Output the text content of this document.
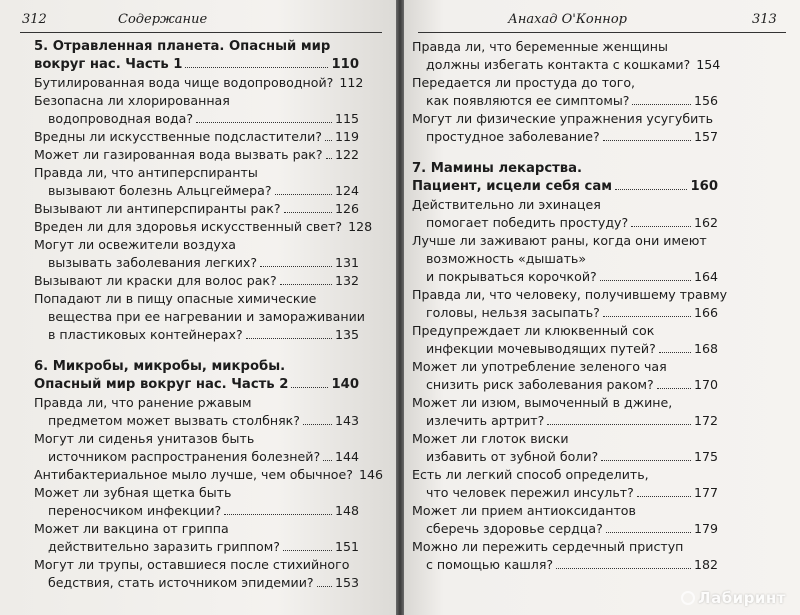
312	Содержание
5. Отравленная планета. Опасный мир
вокруг нас. Часть 1	110
Бутилированная вода чище водопроводной? 112
Безопасна ли хлорированная
водопроводная вода?	115
Вредны ли искусственные подсластители? 119
Может ли газированная вода вызвать рак? 122
Правда ли, что антиперспиранты
вызывают болезнь Альцгеймера?	124
Вызывают ли антиперспиранты рак?	126
Вреден ли для здоровья искусственный свет? 128
Могут ли освежители воздуха
вызывать заболевания легких?	131
Вызывают ли краски для волос рак?	132
Попадают ли в пищу опасные химические
вещества при ее нагревании и замораживании
в пластиковых контейнерах?	135
6. Микробы, микробы, микробы.
Опасный мир вокруг нас. Часть 2	140
Правда ли, что ранение ржавым
предметом может вызвать столбняк?	143
Могут ли сиденья унитазов быть
источником распространения болезней? 144
Антибактериальное мыло лучше, чем обычное? 146
Может ли зубная щетка быть
переносчиком инфекции?	148
Может ли вакцина от гриппа
действительно заразить гриппом?	151
Могут ли трупы, оставшиеся после стихийного
бедствия, стать источником эпидемии? 153
Анахад О'Коннор	313
Правда ли, что беременные женщины
должны избегать контакта с кошками? 154
Передается ли простуда до того,
как появляются ее симптомы?	156
Могут ли физические упражнения усугубить
простудное заболевание?	157
7. Мамины лекарства.
Пациент, исцели себя сам	160
Действительно ли эхинацея
помогает победить простуду?	162
Лучше ли заживают раны, когда они имеют
возможность «дышать»
и покрываться корочкой?	164
Правда ли, что человеку, получившему травму
головы, нельзя засыпать?	166
Предупреждает ли клюквенный сок
инфекции мочевыводящих путей?	168
Может ли употребление зеленого чая
снизить риск заболевания раком?	170
Может ли изюм, вымоченный в джине,
излечить артрит?	172
Может ли глоток виски
избавить от зубной боли?	175
Есть ли легкий способ определить,
что человек пережил инсульт?	177
Может ли прием антиоксидантов
сберечь здоровье сердца?	179
Можно ли пережить сердечный приступ
с помощью кашля?	182
Лабиринт
